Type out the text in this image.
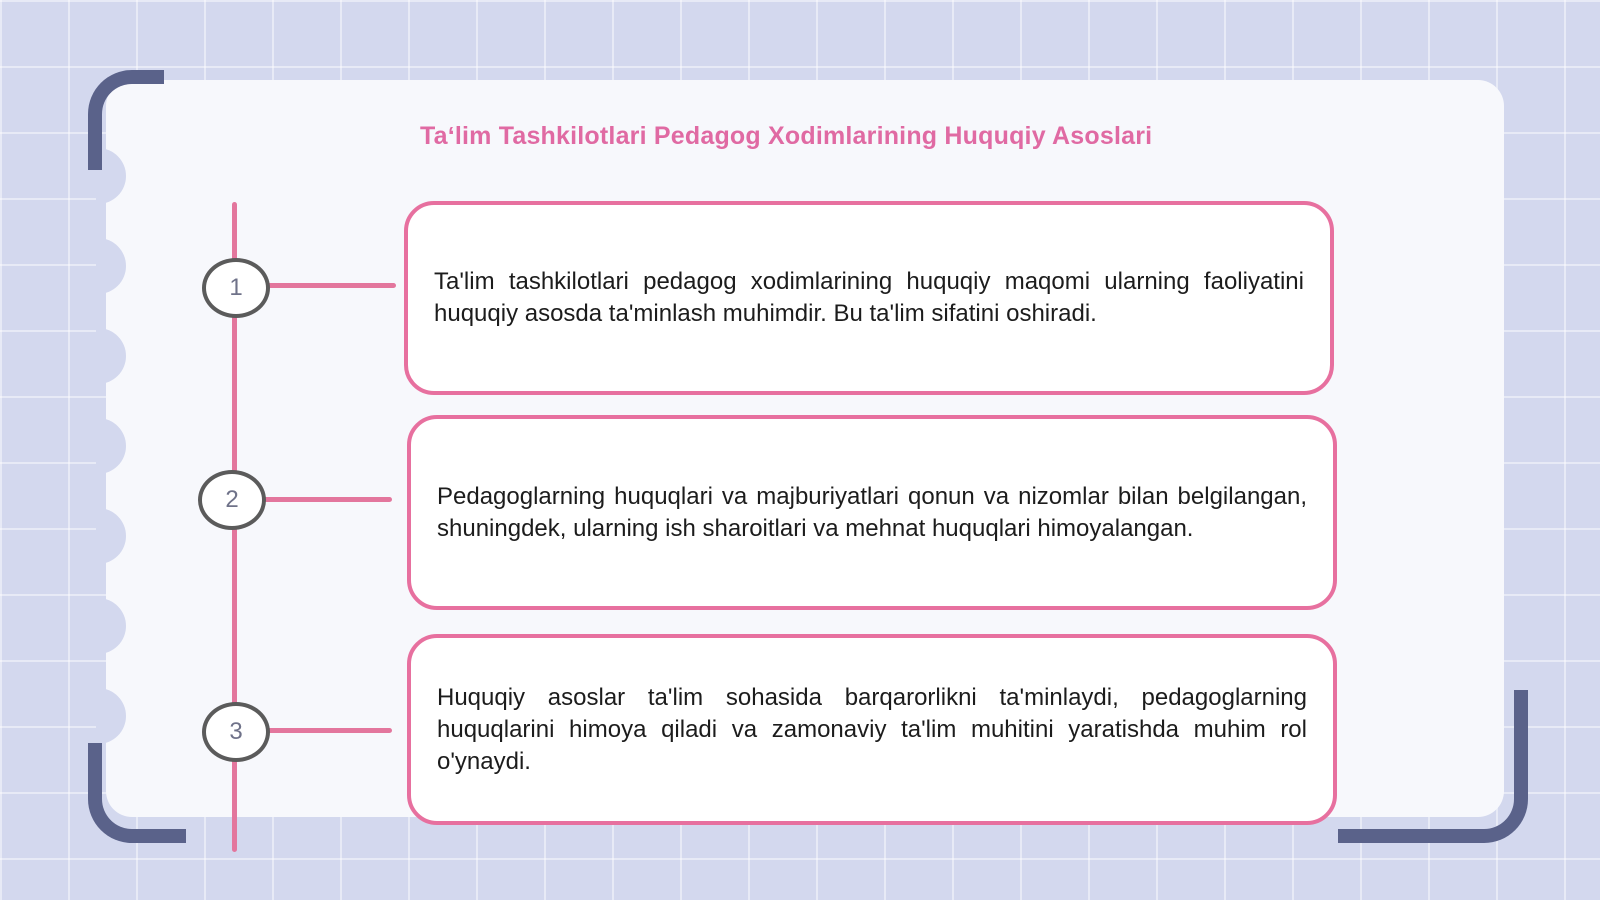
Taʻlim Tashkilotlari Pedagog Xodimlarining Huquqiy Asoslari
1	Ta'lim tashkilotlari pedagog xodimlarining huquqiy maqomi ularning faoliyatini huquqiy asosda ta'minlash muhimdir. Bu ta'lim sifatini oshiradi.
2	Pedagoglarning huquqlari va majburiyatlari qonun va nizomlar bilan belgilangan, shuningdek, ularning ish sharoitlari va mehnat huquqlari himoyalangan.
3
Huquqiy asoslar ta'lim sohasida barqarorlikni ta'minlaydi, pedagoglarning huquqlarini himoya qiladi va zamonaviy ta'lim muhitini yaratishda muhim rol o'ynaydi.
